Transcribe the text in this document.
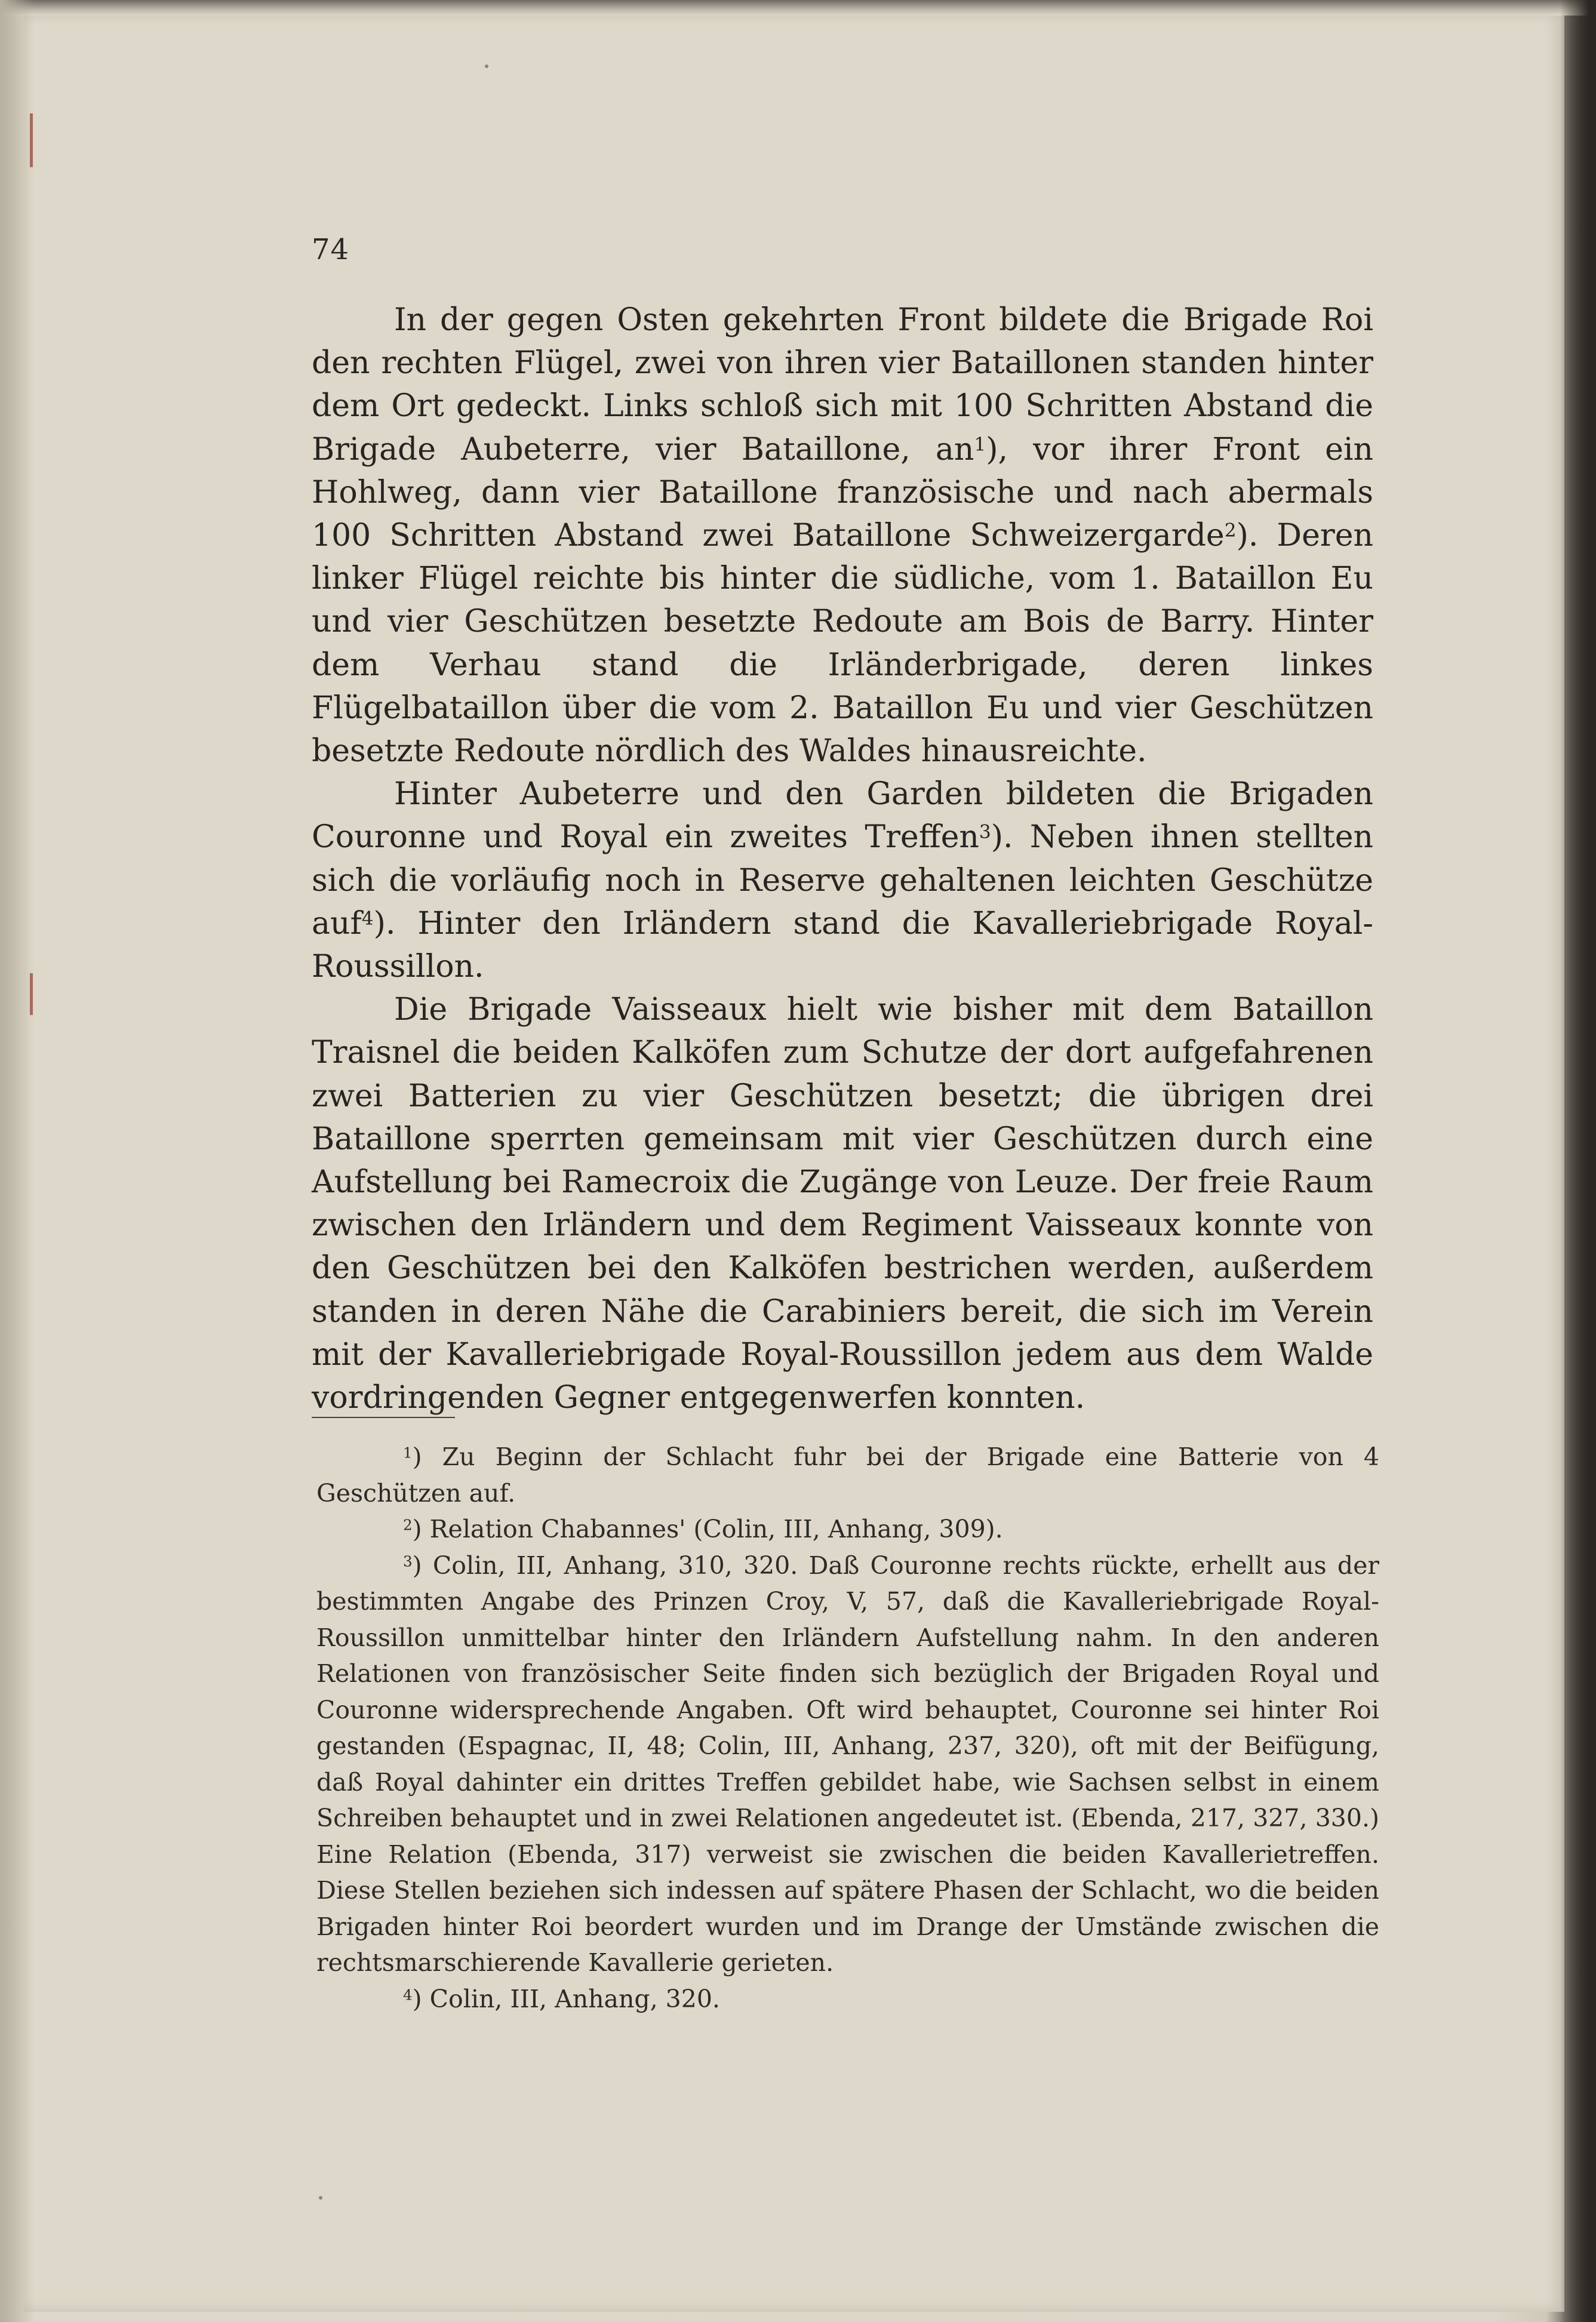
74

In der gegen Osten gekehrten Front bildete die Brigade Roi den rechten Flügel, zwei von ihren vier Bataillonen standen hinter dem Ort gedeckt. Links schloß sich mit 100 Schritten Abstand die Brigade Aubeterre, vier Bataillone, $an^1$), vor ihrer Front ein Hohlweg, dann vier Bataillone französische und nach abermals 100 Schritten Abstand zwei Bataillone Schweizergarde$^2$). Deren linker Flügel reichte bis hinter die südliche, vom 1. Bataillon Eu und vier Geschützen besetzte Redoute am Bois de Barry. Hinter dem Verhau stand die Irländerbrigade, deren linkes Flügelbataillon über die vom 2. Bataillon Eu und vier Geschützen besetzte Redoute nördlich des Waldes hinausreichte.

Hinter Aubeterre und den Garden bildeten die Brigaden Couronne und Royal ein zweites Treffen$^3$). Neben ihnen stellten sich die vorläufig noch in Reserve gehaltenen leichten Geschütze auf$^4$). Hinter den Irländern stand die Kavalleriebrigade Royal-Roussillon.

Die Brigade Vaisseaux hielt wie bisher mit dem Bataillon Traisnel die beiden Kalköfen zum Schutze der dort aufgefahrenen zwei Batterien zu vier Geschützen besetzt; die übrigen drei Bataillone sperrten gemeinsam mit vier Geschützen durch eine Aufstellung bei Ramecroix die Zugänge von Leuze. Der freie Raum zwischen den Irländern und dem Regiment Vaisseaux konnte von den Geschützen bei den Kalköfen bestrichen werden, außerdem standen in deren Nähe die Carabiniers bereit, die sich im Verein mit der Kavalleriebrigade Royal-Roussillon jedem aus dem Walde vordringenden Gegner entgegenwerfen konnten.

$^1$) Zu Beginn der Schlacht fuhr bei der Brigade eine Batterie von 4 Geschützen auf.

$^2$) Relation Chabannes' (Colin, III, Anhang, 309).

$^3$) Colin, III, Anhang, 310, 320. Daß Couronne rechts rückte, erhellt aus der bestimmten Angabe des Prinzen Croy, V, 57, daß die Kavalleriebrigade Royal-Roussillon unmittelbar hinter den Irländern Aufstellung nahm. In den anderen Relationen von französischer Seite finden sich bezüglich der Brigaden Royal und Couronne widersprechende Angaben. Oft wird behauptet, Couronne sei hinter Roi gestanden (Espagnac, II, 48; Colin, III, Anhang, 237, 320), oft mit der Beifügung, daß Royal dahinter ein drittes Treffen gebildet habe, wie Sachsen selbst in einem Schreiben behauptet und in zwei Relationen angedeutet ist. (Ebenda, 217, 327, 330.) Eine Relation (Ebenda, 317) verweist sie zwischen die beiden Kavallerietreffen. Diese Stellen beziehen sich indessen auf spätere Phasen der Schlacht, wo die beiden Brigaden hinter Roi beordert wurden und im Drange der Umstände zwischen die rechtsmarschierende Kavallerie gerieten.

$^4$) Colin, III, Anhang, 320.
